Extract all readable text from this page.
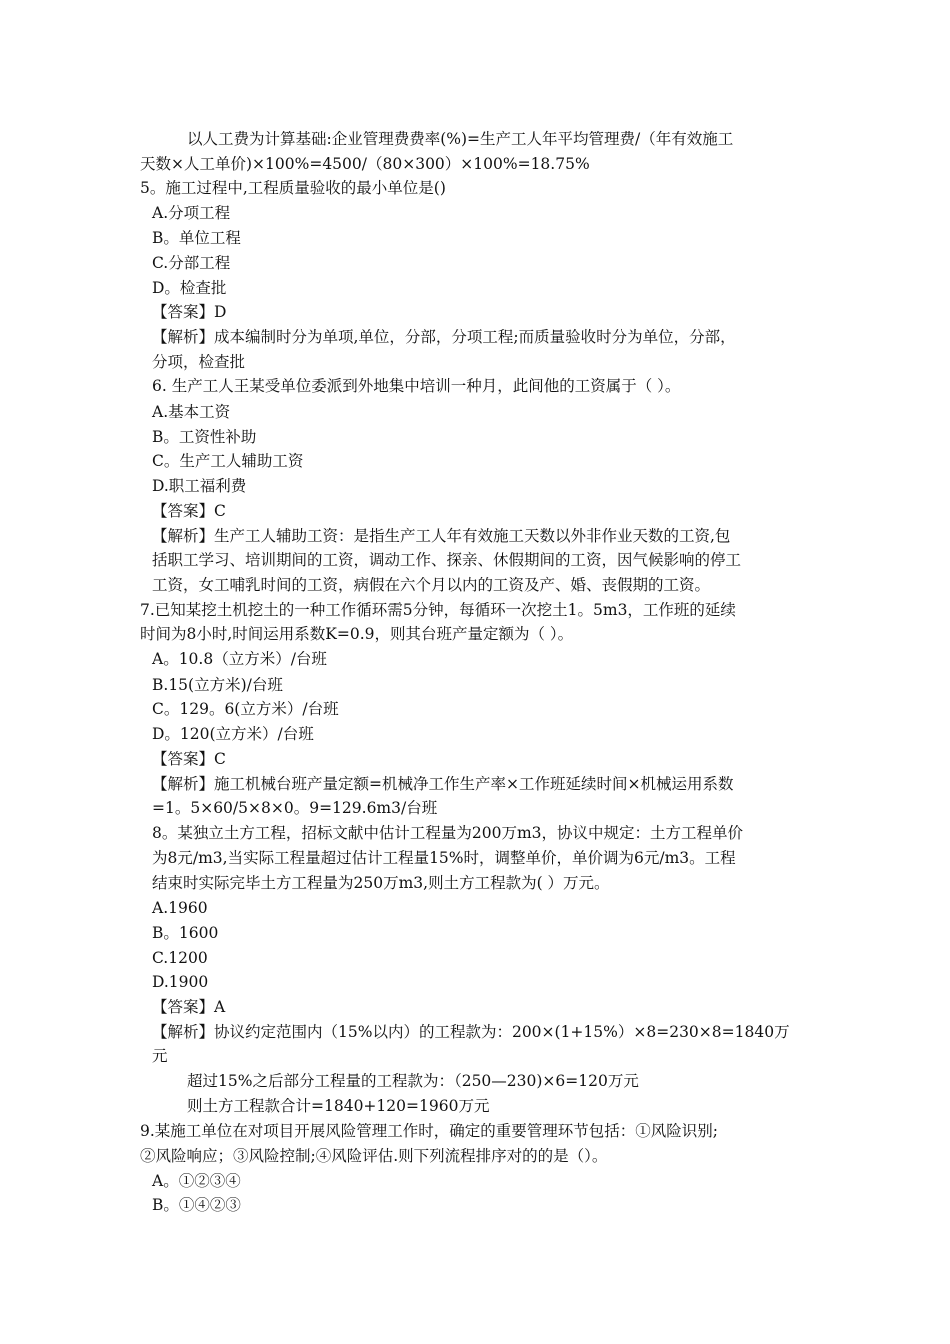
以人工费为计算基础:企业管理费费率(%)=生产工人年平均管理费/（年有效施工
天数×人工单价)×100%=4500/（80×300）×100%=18.75%
5。施工过程中,工程质量验收的最小单位是()
A.分项工程
B。单位工程
C.分部工程
D。检查批
【答案】D
【解析】成本编制时分为单项,单位，分部，分项工程;而质量验收时分为单位，分部，
分项，检查批
6. 生产工人王某受单位委派到外地集中培训一种月，此间他的工资属于（ ）。
A.基本工资
B。工资性补助
C。生产工人辅助工资
D.职工福利费
【答案】C
【解析】生产工人辅助工资：是指生产工人年有效施工天数以外非作业天数的工资,包
括职工学习、培训期间的工资，调动工作、探亲、休假期间的工资，因气候影响的停工
工资，女工哺乳时间的工资，病假在六个月以内的工资及产、婚、丧假期的工资。
7.已知某挖土机挖土的一种工作循环需5分钟，每循环一次挖土1。5m3，工作班的延续
时间为8小时,时间运用系数K=0.9，则其台班产量定额为（ ）。
A。10.8（立方米）/台班
B.15(立方米)/台班
C。129。6(立方米）/台班
D。120(立方米）/台班
【答案】C
【解析】施工机械台班产量定额=机械净工作生产率×工作班延续时间×机械运用系数
=1。5×60/5×8×0。9=129.6m3/台班
8。某独立土方工程，招标文献中估计工程量为200万m3，协议中规定：土方工程单价
为8元/m3,当实际工程量超过估计工程量15%时，调整单价，单价调为6元/m3。工程
结束时实际完毕土方工程量为250万m3,则土方工程款为( ）万元。
A.1960
B。1600
C.1200
D.1900
【答案】A
【解析】协议约定范围内（15%以内）的工程款为：200×(1+15%）×8=230×8=1840万
元
超过15%之后部分工程量的工程款为：（250—230)×6=120万元
则土方工程款合计=1840+120=1960万元
9.某施工单位在对项目开展风险管理工作时，确定的重要管理环节包括：①风险识别;
②风险响应；③风险控制;④风险评估.则下列流程排序对的的是（）。
A。①②③④
B。①④②③
